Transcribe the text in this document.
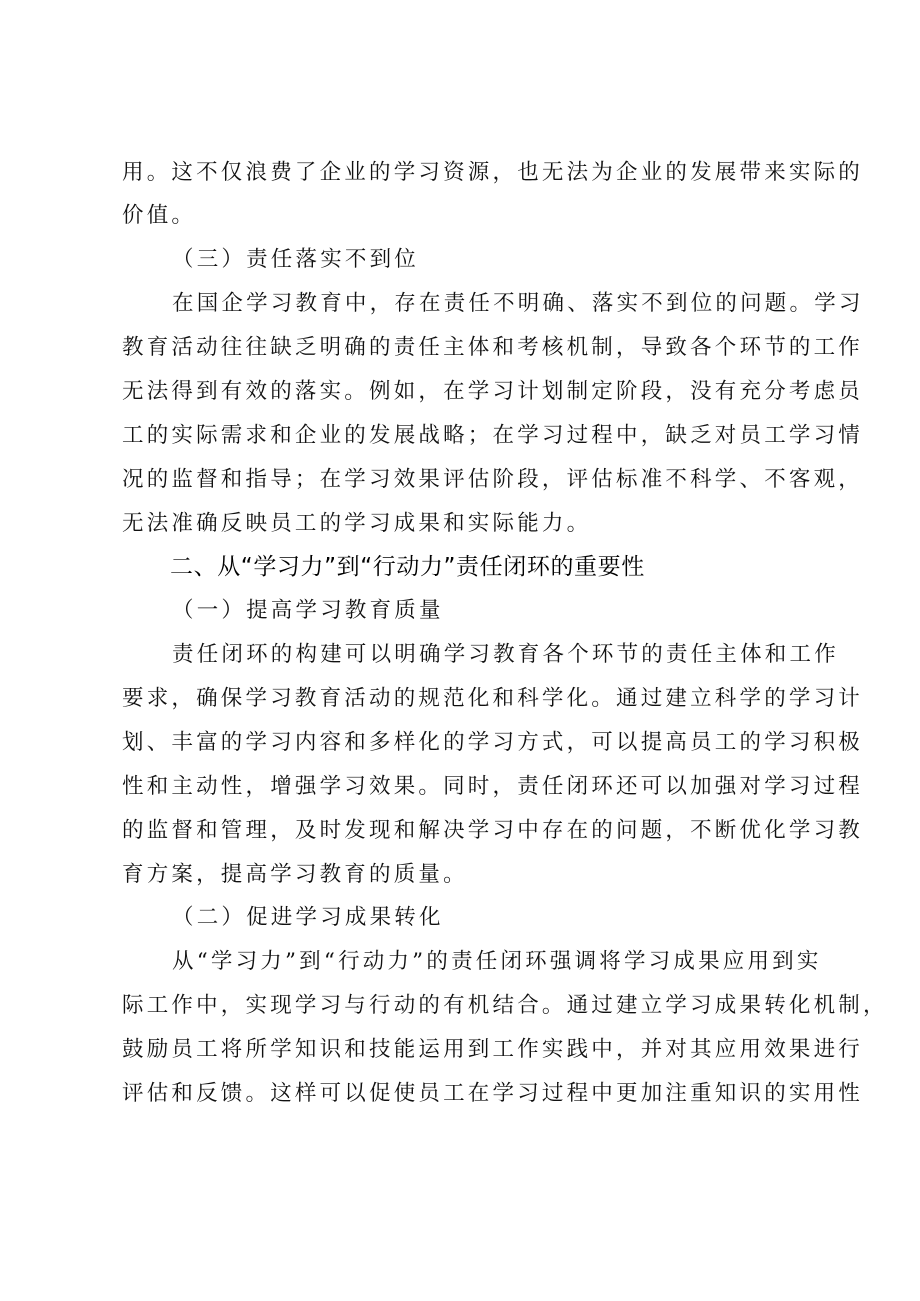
用。这不仅浪费了企业的学习资源，也无法为企业的发展带来实际的
价值。
（三）责任落实不到位
在国企学习教育中，存在责任不明确、落实不到位的问题。学习
教育活动往往缺乏明确的责任主体和考核机制，导致各个环节的工作
无法得到有效的落实。例如，在学习计划制定阶段，没有充分考虑员
工的实际需求和企业的发展战略；在学习过程中，缺乏对员工学习情
况的监督和指导；在学习效果评估阶段，评估标准不科学、不客观，
无法准确反映员工的学习成果和实际能力。
二、从“学习力”到“行动力”责任闭环的重要性
（一）提高学习教育质量
责任闭环的构建可以明确学习教育各个环节的责任主体和工作
要求，确保学习教育活动的规范化和科学化。通过建立科学的学习计
划、丰富的学习内容和多样化的学习方式，可以提高员工的学习积极
性和主动性，增强学习效果。同时，责任闭环还可以加强对学习过程
的监督和管理，及时发现和解决学习中存在的问题，不断优化学习教
育方案，提高学习教育的质量。
（二）促进学习成果转化
从“学习力”到“行动力”的责任闭环强调将学习成果应用到实
际工作中，实现学习与行动的有机结合。通过建立学习成果转化机制，
鼓励员工将所学知识和技能运用到工作实践中，并对其应用效果进行
评估和反馈。这样可以促使员工在学习过程中更加注重知识的实用性
